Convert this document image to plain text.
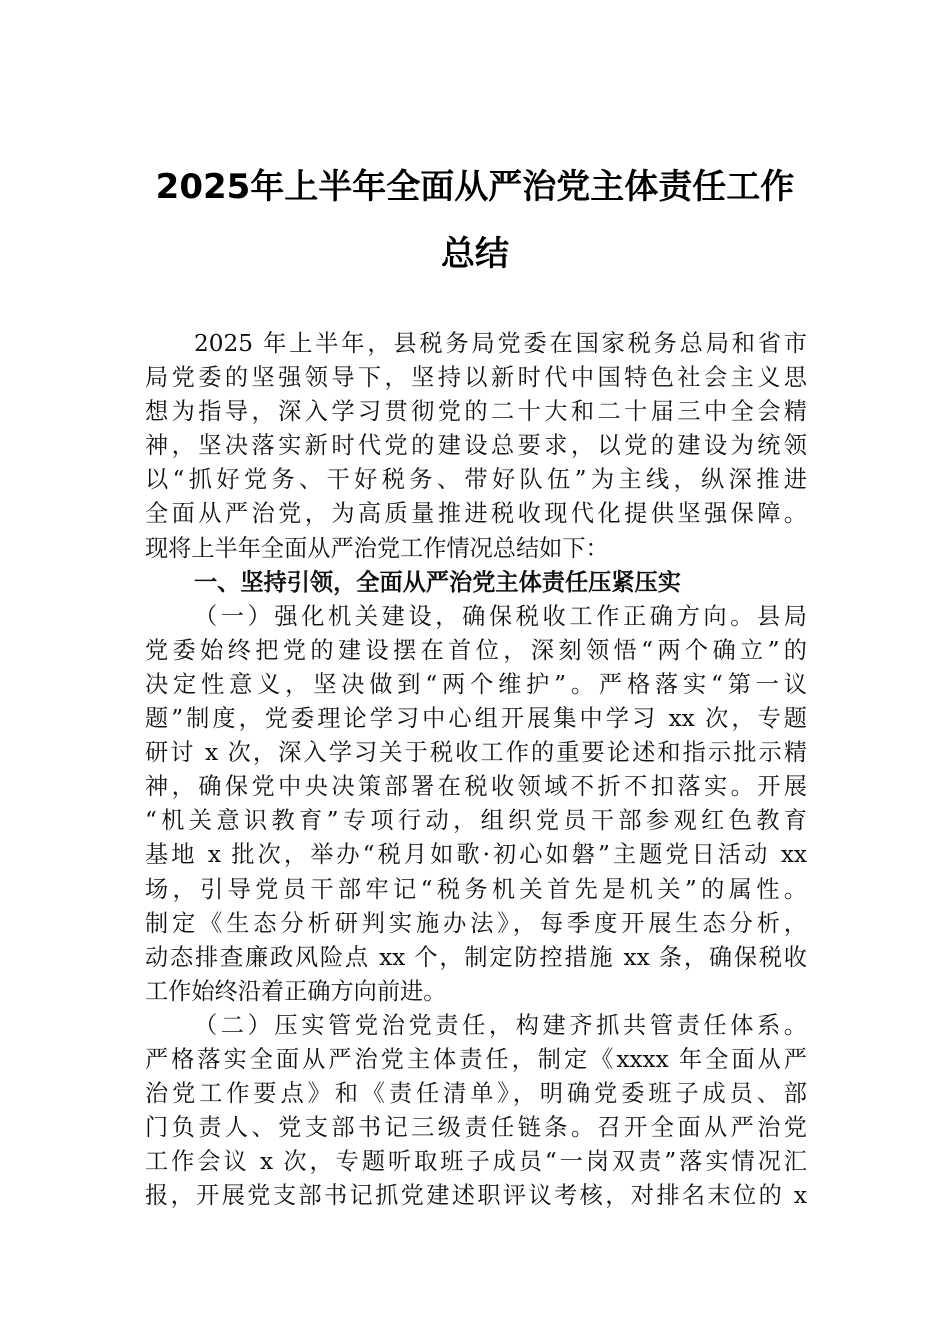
2025年上半年全面从严治党主体责任工作
总结
2025 年上半年，县税务局党委在国家税务总局和省市
局党委的坚强领导下，坚持以新时代中国特色社会主义思
想为指导，深入学习贯彻党的二十大和二十届三中全会精
神，坚决落实新时代党的建设总要求，以党的建设为统领
以“抓好党务、干好税务、带好队伍”为主线，纵深推进
全面从严治党，为高质量推进税收现代化提供坚强保障。
现将上半年全面从严治党工作情况总结如下：
一、坚持引领，全面从严治党主体责任压紧压实
（一）强化机关建设，确保税收工作正确方向。县局
党委始终把党的建设摆在首位，深刻领悟“两个确立”的
决定性意义，坚决做到“两个维护”。严格落实“第一议
题”制度，党委理论学习中心组开展集中学习 xx 次，专题
研讨 x 次，深入学习关于税收工作的重要论述和指示批示精
神，确保党中央决策部署在税收领域不折不扣落实。开展
“机关意识教育”专项行动，组织党员干部参观红色教育
基地 x 批次，举办“税月如歌·初心如磐”主题党日活动 xx
场，引导党员干部牢记“税务机关首先是机关”的属性。
制定《生态分析研判实施办法》，每季度开展生态分析，
动态排查廉政风险点 xx 个，制定防控措施 xx 条，确保税收
工作始终沿着正确方向前进。
（二）压实管党治党责任，构建齐抓共管责任体系。
严格落实全面从严治党主体责任，制定《xxxx 年全面从严
治党工作要点》和《责任清单》，明确党委班子成员、部
门负责人、党支部书记三级责任链条。召开全面从严治党
工作会议 x 次，专题听取班子成员“一岗双责”落实情况汇
报，开展党支部书记抓党建述职评议考核，对排名末位的 x
